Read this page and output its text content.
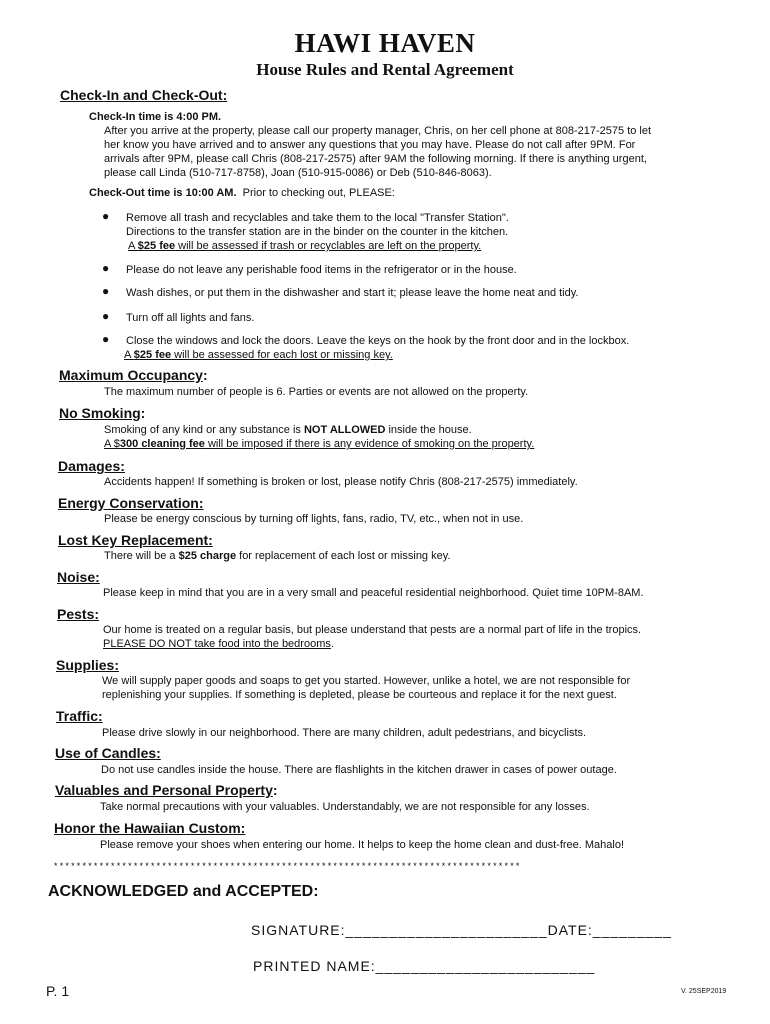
HAWI HAVEN
House Rules and Rental Agreement
Check-In and Check-Out:
Check-In time is 4:00 PM.
After you arrive at the property, please call our property manager, Chris, on her cell phone at 808-217-2575 to let
her know you have arrived and to answer any questions that you may have. Please do not call after 9PM. For
arrivals after 9PM, please call Chris (808-217-2575) after 9AM the following morning. If there is anything urgent,
please call Linda (510-717-8758), Joan (510-915-0086) or Deb (510-846-8063).
Check-Out time is 10:00 AM. Prior to checking out, PLEASE:
● Remove all trash and recyclables and take them to the local "Transfer Station".
Directions to the transfer station are in the binder on the counter in the kitchen.
A $25 fee will be assessed if trash or recyclables are left on the property.
● Please do not leave any perishable food items in the refrigerator or in the house.
● Wash dishes, or put them in the dishwasher and start it; please leave the home neat and tidy.
● Turn off all lights and fans.
● Close the windows and lock the doors. Leave the keys on the hook by the front door and in the lockbox.
A $25 fee will be assessed for each lost or missing key.
Maximum Occupancy:
The maximum number of people is 6. Parties or events are not allowed on the property.
No Smoking:
Smoking of any kind or any substance is NOT ALLOWED inside the house.
A $300 cleaning fee will be imposed if there is any evidence of smoking on the property.
Damages:
Accidents happen! If something is broken or lost, please notify Chris (808-217-2575) immediately.
Energy Conservation:
Please be energy conscious by turning off lights, fans, radio, TV, etc., when not in use.
Lost Key Replacement:
There will be a $25 charge for replacement of each lost or missing key.
Noise:
Please keep in mind that you are in a very small and peaceful residential neighborhood. Quiet time 10PM-8AM.
Pests:
Our home is treated on a regular basis, but please understand that pests are a normal part of life in the tropics.
PLEASE DO NOT take food into the bedrooms.
Supplies:
We will supply paper goods and soaps to get you started. However, unlike a hotel, we are not responsible for
replenishing your supplies. If something is depleted, please be courteous and replace it for the next guest.
Traffic:
Please drive slowly in our neighborhood. There are many children, adult pedestrians, and bicyclists.
Use of Candles:
Do not use candles inside the house. There are flashlights in the kitchen drawer in cases of power outage.
Valuables and Personal Property:
Take normal precautions with your valuables. Understandably, we are not responsible for any losses.
Honor the Hawaiian Custom:
Please remove your shoes when entering our home. It helps to keep the home clean and dust-free. Mahalo!
**********************************************************************************
ACKNOWLEDGED and ACCEPTED:
SIGNATURE:_______________________DATE:_________
PRINTED NAME:_________________________
P. 1	V. 25SEP2019
